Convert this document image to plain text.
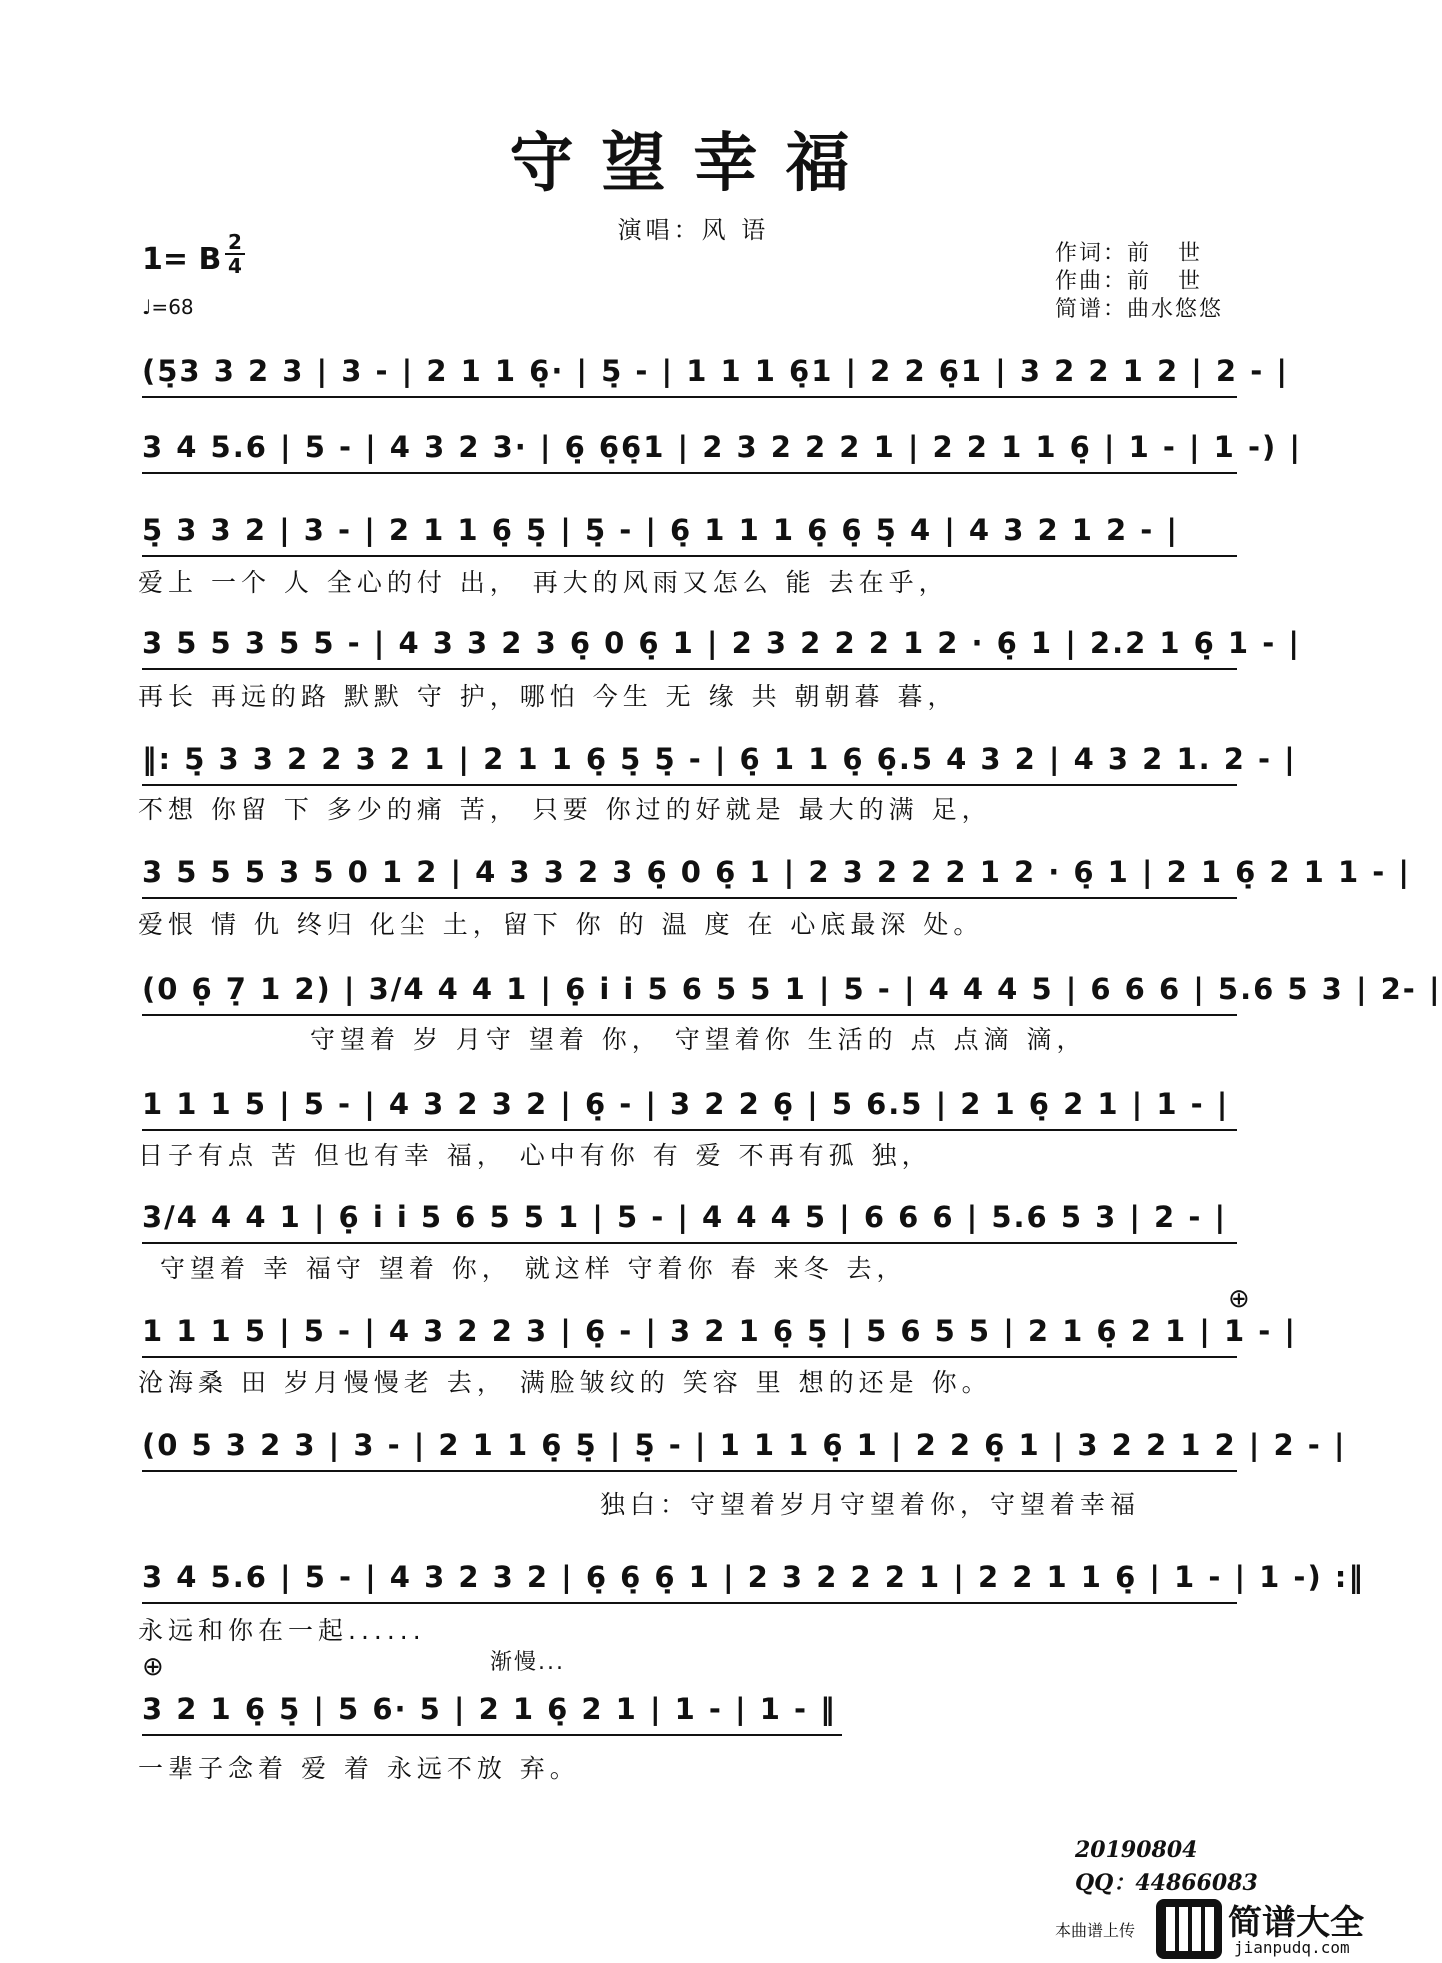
守望幸福
演唱：风 语
1= B 2
4
♩=68
作词：前   世
作曲：前   世
简谱：曲水悠悠
(5̣3 3 2 3 | 3 - | 2 1 1 6̣· | 5̣ - | 1 1 1 6̣1 | 2 2 6̣1 | 3 2 2 1 2 | 2 - |
3 4 5.6 | 5 - | 4 3 2 3· | 6̣ 6̣6̣1 | 2 3 2 2 2 1 | 2 2 1 1 6̣ | 1 - | 1 -) |
5̣ 3 3 2 | 3 - | 2 1 1 6̣ 5̣ | 5̣ - | 6̣ 1 1 1 6̣ 6̣ 5̣ 4 | 4 3 2 1 2 - |
爱上 一个 人 全心的付 出， 再大的风雨又怎么 能 去在乎，
3 5 5 3 5 5 - | 4 3 3 2 3 6̣ 0 6̣ 1 | 2 3 2 2 2 1 2 · 6̣ 1 | 2.2 1 6̣ 1 - |
再长 再远的路 默默 守 护，哪怕 今生 无 缘 共 朝朝暮 暮，
‖: 5̣ 3 3 2 2 3 2 1 | 2 1 1 6̣ 5̣ 5̣ - | 6̣ 1 1 6̣ 6̣.5 4 3 2 | 4 3 2 1. 2 - |
不想 你留 下 多少的痛 苦， 只要 你过的好就是 最大的满 足，
3 5 5 5 3 5 0 1 2 | 4 3 3 2 3 6̣ 0 6̣ 1 | 2 3 2 2 2 1 2 · 6̣ 1 | 2 1 6̣ 2 1 1 - |
爱恨 情 仇 终归 化尘 土，留下 你 的 温 度 在 心底最深 处。
(0 6̣ 7̣ 1 2) | 3/4 4 4 1 | 6̣ i i 5 6 5 5 1 | 5 - | 4 4 4 5 | 6 6 6 | 5.6 5 3 | 2- |
守望着 岁 月守 望着 你， 守望着你 生活的 点 点滴 滴，
1 1 1 5 | 5 - | 4 3 2 3 2 | 6̣ - | 3 2 2 6̣ | 5 6.5 | 2 1 6̣ 2 1 | 1 - |
日子有点 苦 但也有幸 福， 心中有你 有 爱 不再有孤 独，
3/4 4 4 1 | 6̣ i i 5 6 5 5 1 | 5 - | 4 4 4 5 | 6 6 6 | 5.6 5 3 | 2 - |
守望着 幸 福守 望着 你， 就这样 守着你 春 来冬 去，
⊕
1 1 1 5 | 5 - | 4 3 2 2 3 | 6̣ - | 3 2 1 6̣ 5̣ | 5 6 5 5 | 2 1 6̣ 2 1 | 1 - |
沧海桑 田 岁月慢慢老 去， 满脸皱纹的 笑容 里 想的还是 你。
(0 5 3 2 3 | 3 - | 2 1 1 6̣ 5̣ | 5̣ - | 1 1 1 6̣ 1 | 2 2 6̣ 1 | 3 2 2 1 2 | 2 - |
独白：守望着岁月守望着你，守望着幸福
3 4 5.6 | 5 - | 4 3 2 3 2 | 6̣ 6̣ 6̣ 1 | 2 3 2 2 2 1 | 2 2 1 1 6̣ | 1 - | 1 -) :‖
永远和你在一起......
⊕	渐慢...
3 2 1 6̣ 5̣ | 5 6· 5 | 2 1 6̣ 2 1 | 1 - | 1 - ‖
一辈子念着 爱 着 永远不放 弃。
20190804
QQ：44866083
本曲谱上传	简谱大全
jianpudq.com
